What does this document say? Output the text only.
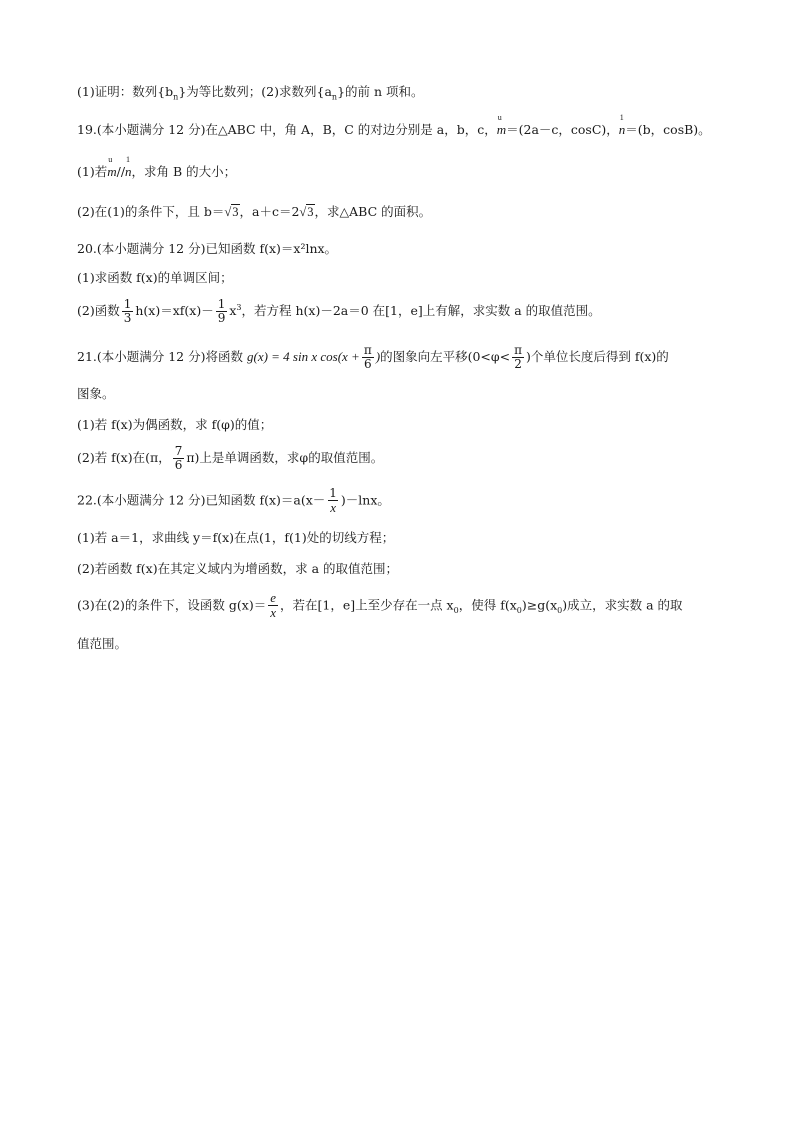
(1)证明：数列$\{b_n\}$为等比数列；(2)求数列$\{a_n\}$的前 n 项和。
19.(本小题满分 12 分)在△ABC 中，角 A，B，C 的对边分别是 a，b，c，
u
m＝(2a－c，cosC)，
1
n＝(b，cosB)。
(1)若
u
m//
1
n，求角 B 的大小；
(2)在(1)的条件下，且 b＝√3，a＋c＝2√3，求△ABC 的面积。
20.(本小题满分 12 分)已知函数 f(x)＝x²lnx。
(1)求函数 f(x)的单调区间；
(2)函数 $\frac{1}{3} h(x)=xf(x)- \frac{1}{9} x^3$，若方程 h(x)－2a＝0 在[1，e]上有解，求实数 a 的取值范围。
21.(本小题满分 12 分)将函数 g(x) = 4 sin x $\cos(x + \frac{\pi}{6}$ )的图象向左平移($0<\varphi< \frac{\pi}{2}$ )个单位长度后得到 f(x)的
图象。
(1)若 f(x)为偶函数，求 f(φ)的值；
(2)若 f(x)在(π， $\frac{7}{6} \pi$)上是单调函数，求φ的取值范围。
22.(本小题满分 12 分)已知函数 $f(x)=a(x- \frac{1}{x} )-\ln x$。
(1)若 a＝1，求曲线 y＝f(x)在点(1，f(1)处的切线方程；
(2)若函数 f(x)在其定义域内为增函数，求 a 的取值范围；
(3)在(2)的条件下，设函数 $g(x)= \frac{e}{x}$ ，若在[1，e]上至少存在一点 $x_0$，使得 $f(x_0)\ge g(x_0)$成立，求实数 a 的取
值范围。
